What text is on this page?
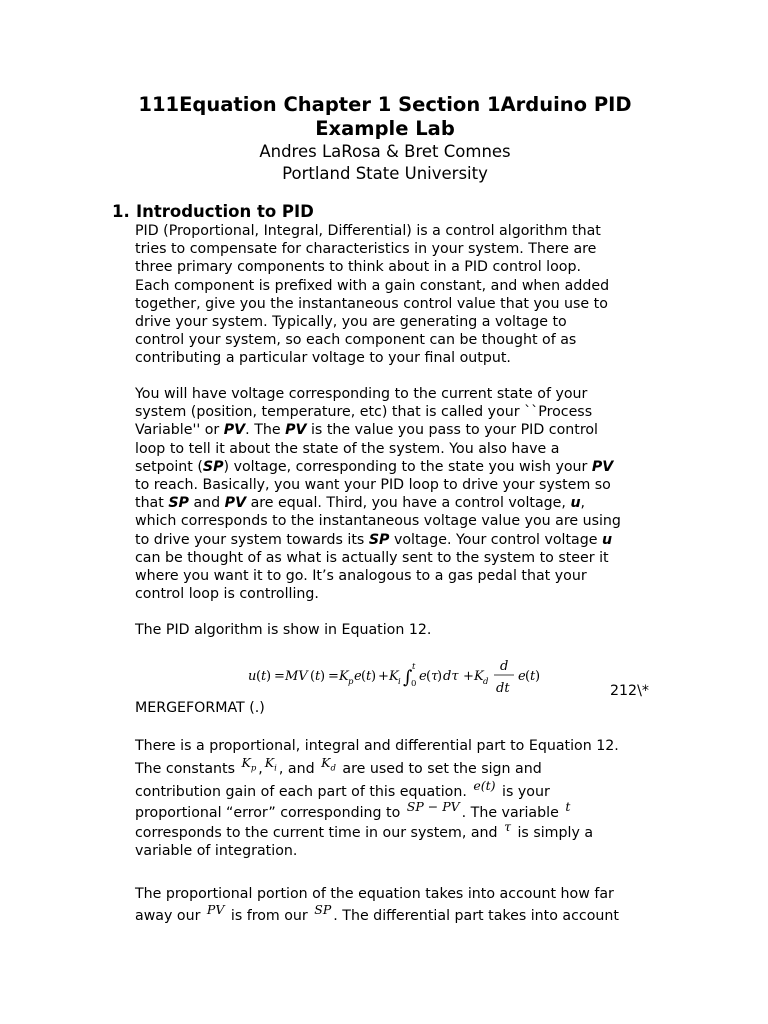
111Equation Chapter 1 Section 1Arduino PID
Example Lab
Andres LaRosa & Bret Comnes
Portland State University
1. Introduction to PID
PID (Proportional, Integral, Differential) is a control algorithm that
tries to compensate for characteristics in your system. There are
three primary components to think about in a PID control loop.
Each component is prefixed with a gain constant, and when added
together, give you the instantaneous control value that you use to
drive your system. Typically, you are generating a voltage to
control your system, so each component can be thought of as
contributing a particular voltage to your final output.
You will have voltage corresponding to the current state of your
system (position, temperature, etc) that is called your ``Process
Variable'' or PV. The PV is the value you pass to your PID control
loop to tell it about the state of the system. You also have a
setpoint (SP) voltage, corresponding to the state you wish your PV
to reach. Basically, you want your PID loop to drive your system so
that SP and PV are equal. Third, you have a control voltage, u,
which corresponds to the instantaneous voltage value you are using
to drive your system towards its SP voltage. Your control voltage u
can be thought of as what is actually sent to the system to steer it
where you want it to go. It’s analogous to a gas pedal that your
control loop is controlling.
The PID algorithm is show in Equation 12.
u ( t ) = MV ( t ) = K p e ( t ) + K i ∫ t
0 e ( τ
) dτ + K d
d
dt
e ( t )
212\*
MERGEFORMAT (.)
There is a proportional, integral and differential part to Equation 12.
The constants $K_p$ , $K_i$ , and $K_d$ are used to set the sign and
contribution gain of each part of this equation. e(t) is your
proportional “error” corresponding to SP − PV . The variable t
corresponds to the current time in our system, and τ is simply a
variable of integration.
The proportional portion of the equation takes into account how far
away our PV is from our SP . The differential part takes into account
